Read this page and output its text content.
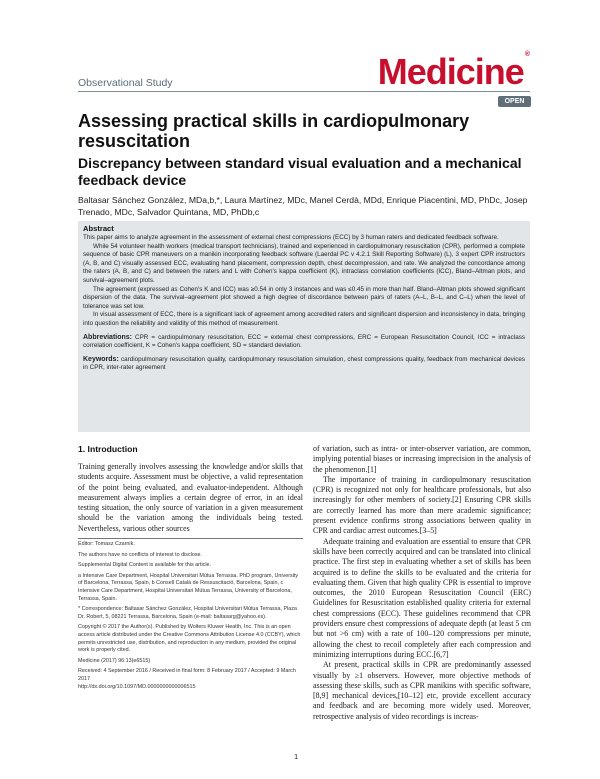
Observational Study	Medicine®
OPEN
Assessing practical skills in cardiopulmonary resuscitation
Discrepancy between standard visual evaluation and a mechanical feedback device
Baltasar Sánchez González, MDa,b,*, Laura Martínez, MDc, Manel Cerdà, MDd, Enrique Piacentini, MD, PhDc, Josep Trenado, MDc, Salvador Quintana, MD, PhDb,c
Abstract

This paper aims to analyze agreement in the assessment of external chest compressions (ECC) by 3 human raters and dedicated feedback software.

While 54 volunteer health workers (medical transport technicians), trained and experienced in cardiopulmonary resuscitation (CPR), performed a complete sequence of basic CPR maneuvers on a manikin incorporating feedback software (Laerdal PC v 4.2.1 Skill Reporting Software) (L), 3 expert CPR instructors (A, B, and C) visually assessed ECC, evaluating hand placement, compression depth, chest decompression, and rate. We analyzed the concordance among the raters (A, B, and C) and between the raters and L with Cohen's kappa coefficient (K), intraclass correlation coefficients (ICC), Bland–Altman plots, and survival–agreement plots.

The agreement (expressed as Cohen's K and ICC) was ≥0.54 in only 3 instances and was ≤0.45 in more than half. Bland–Altman plots showed significant dispersion of the data. The survival–agreement plot showed a high degree of discordance between pairs of raters (A–L, B–L, and C–L) when the level of tolerance was set low.

In visual assessment of ECC, there is a significant lack of agreement among accredited raters and significant dispersion and inconsistency in data, bringing into question the reliability and validity of this method of measurement.

Abbreviations: CPR = cardiopulmonary resuscitation, ECC = external chest compressions, ERC = European Resuscitation Council, ICC = intraclass correlation coefficient, K = Cohen's kappa coefficient, SD = standard deviation.

Keywords: cardiopulmonary resuscitation quality, cardiopulmonary resuscitation simulation, chest compressions quality, feedback from mechanical devices in CPR, inter-rater agreement

1. Introduction

Training generally involves assessing the knowledge and/or skills that students acquire. Assessment must be objective, a valid representation of the point being evaluated, and evaluator-independent. Although measurement always implies a certain degree of error, in an ideal testing situation, the only source of variation in a given measurement should be the variation among the individuals being tested. Nevertheless, various other sources

Editor: Tomasz Czarnik.

The authors have no conflicts of interest to disclose.

Supplemental Digital Content is available for this article.

a Intensive Care Department, Hospital Universitari Mútua Terrassa. PhD program, University of Barcelona, Terrassa, Spain, b Consell Català de Ressuscitació, Barcelona, Spain, c Intensive Care Department, Hospital Universitari Mútua Terrassa, University of Barcelona, Terrassa, Spain.

* Correspondence: Baltasar Sánchez González, Hospital Universitari Mútua Terrassa, Plaza Dr. Robert, 5, 08221 Terrassa, Barcelona, Spain (e-mail: baltasarg@yahoo.es).

Copyright © 2017 the Author(s). Published by Wolters Kluwer Health, Inc. This is an open access article distributed under the Creative Commons Attribution License 4.0 (CCBY), which permits unrestricted use, distribution, and reproduction in any medium, provided the original work is properly cited.

Medicine (2017) 96:13(e6515)

Received: 4 September 2016 / Received in final form: 8 February 2017 / Accepted: 9 March 2017

http://dx.doi.org/10.1097/MD.0000000000006515

of variation, such as intra- or inter-observer variation, are common, implying potential biases or increasing imprecision in the analysis of the phenomenon.[1]

The importance of training in cardiopulmonary resuscitation (CPR) is recognized not only for healthcare professionals, but also increasingly for other members of society.[2] Ensuring CPR skills are correctly learned has more than mere academic significance; present evidence confirms strong associations between quality in CPR and cardiac arrest outcomes.[3–5]

Adequate training and evaluation are essential to ensure that CPR skills have been correctly acquired and can be translated into clinical practice. The first step in evaluating whether a set of skills has been acquired is to define the skills to be evaluated and the criteria for evaluating them. Given that high quality CPR is essential to improve outcomes, the 2010 European Resuscitation Council (ERC) Guidelines for Resuscitation established quality criteria for external chest compressions (ECC). These guidelines recommend that CPR providers ensure chest compressions of adequate depth (at least 5 cm but not >6 cm) with a rate of 100–120 compressions per minute, allowing the chest to recoil completely after each compression and minimizing interruptions during ECC.[6,7]

At present, practical skills in CPR are predominantly assessed visually by ≥1 observers. However, more objective methods of assessing these skills, such as CPR manikins with specific software,[8,9] mechanical devices,[10–12] etc, provide excellent accuracy and feedback and are becoming more widely used. Moreover, retrospective analysis of video recordings is increas-

1
